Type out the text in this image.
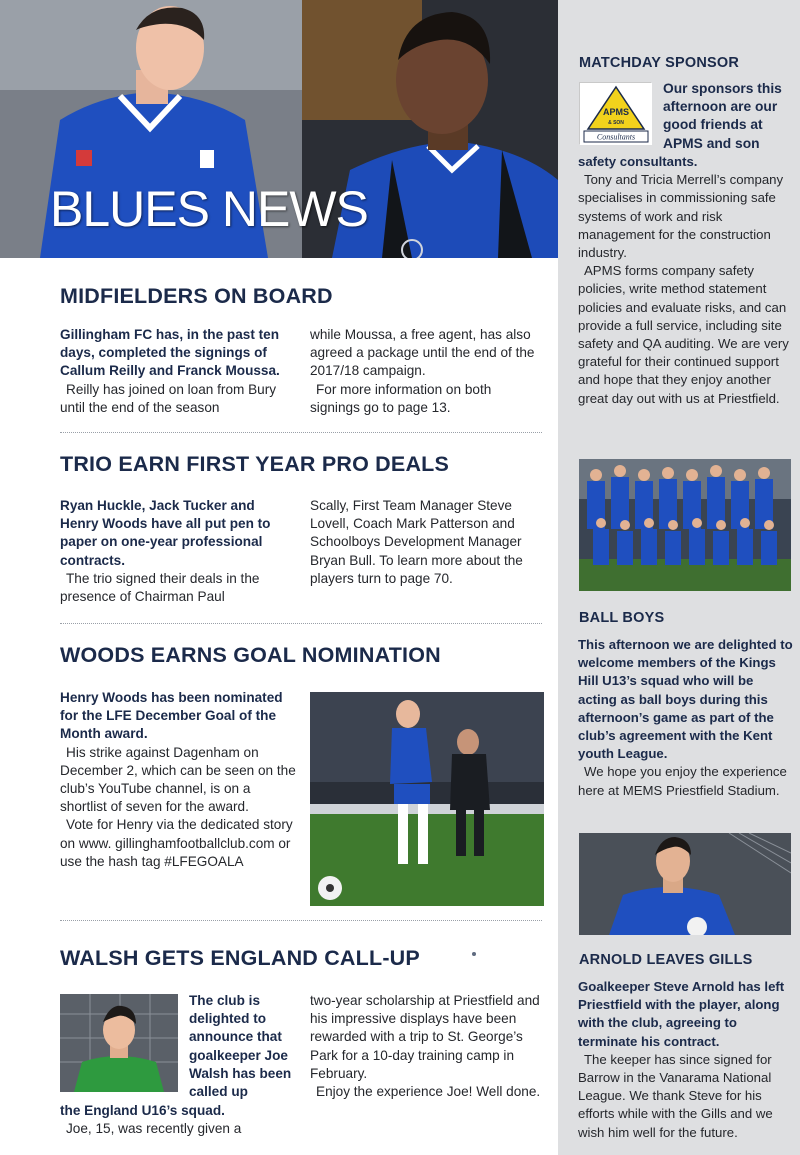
BLUES NEWS
MIDFIELDERS ON BOARD

Gillingham FC has, in the past ten days, completed the signings of Callum Reilly and Franck Moussa.

Reilly has joined on loan from Bury until the end of the season

while Moussa, a free agent, has also agreed a package until the end of the 2017/18 campaign.

For more information on both signings go to page 13.

TRIO EARN FIRST YEAR PRO DEALS

Ryan Huckle, Jack Tucker and Henry Woods have all put pen to paper on one-year professional contracts.

The trio signed their deals in the presence of Chairman Paul

Scally, First Team Manager Steve Lovell, Coach Mark Patterson and Schoolboys Development Manager Bryan Bull. To learn more about the players turn to page 70.

WOODS EARNS GOAL NOMINATION

Henry Woods has been nominated for the LFE December Goal of the Month award.

His strike against Dagenham on December 2, which can be seen on the club’s YouTube channel, is on a shortlist of seven for the award.

Vote for Henry via the dedicated story on www. gillinghamfootballclub.com or use the hash tag #LFEGOALA

WALSH GETS ENGLAND CALL-UP

The club is delighted to announce that goalkeeper Joe Walsh has been called up

the England U16’s squad.

Joe, 15, was recently given a

two-year scholarship at Priestfield and his impressive displays have been rewarded with a trip to St. George’s Park for a 10-day training camp in February.

Enjoy the experience Joe! Well done.

MATCHDAY SPONSOR
APMS
& SON
Consultants
Our sponsors this afternoon are our good friends at APMS and son

safety consultants.

Tony and Tricia Merrell’s company specialises in commissioning safe systems of work and risk management for the construction industry.

APMS forms company safety policies, write method statement policies and evaluate risks, and can provide a full service, including site safety and QA auditing. We are very grateful for their continued support and hope that they enjoy another great day out with us at Priestfield.

BALL BOYS

This afternoon we are delighted to welcome members of the Kings Hill U13’s squad who will be acting as ball boys during this afternoon’s game as part of the club’s agreement with the Kent youth League.

We hope you enjoy the experience here at MEMS Priestfield Stadium.

ARNOLD LEAVES GILLS

Goalkeeper Steve Arnold has left Priestfield with the player, along with the club, agreeing to terminate his contract.

The keeper has since signed for Barrow in the Vanarama National League. We thank Steve for his efforts while with the Gills and we wish him well for the future.
